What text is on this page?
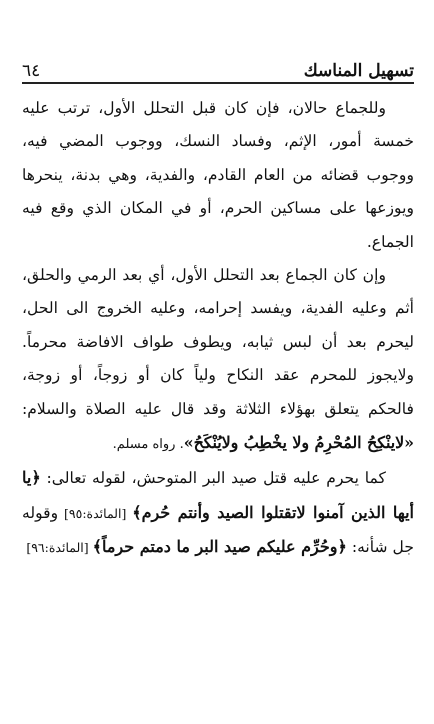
تسهيل المناسك
٦٤

وللجماع حالان، فإن كان قبل التحلل الأول، ترتب عليه خمسة أمور، الإثم، وفساد النسك، ووجوب المضي فيه، ووجوب قضائه من العام القادم، والفدية، وهي بدنة، ينحرها ويوزعها على مساكين الحرم، أو في المكان الذي وقع فيه الجماع.

وإن كان الجماع بعد التحلل الأول، أي بعد الرمي والحلق، أثم وعليه الفدية، ويفسد إحرامه، وعليه الخروج الى الحل، ليحرم بعد أن لبس ثيابه، ويطوف طواف الافاضة محرماً. ولايجوز للمحرم عقد النكاح ولياً كان أو زوجاً، أو زوجة، فالحكم يتعلق بهؤلاء الثلاثة وقد قال عليه الصلاة والسلام: «لاينْكِحُ المُحْرِمُ ولا يخْطِبُ ولايُنْكَحُ». رواه مسلم.

كما يحرم عليه قتل صيد البر المتوحش، لقوله تعالى: ﴿يا أيها الذين آمنوا لاتقتلوا الصيد وأنتم حُرم﴾ [المائدة:٩٥] وقوله جل شأنه: ﴿وحُرِّم عليكم صيد البر ما دمتم حرماً﴾ [المائدة:٩٦]
